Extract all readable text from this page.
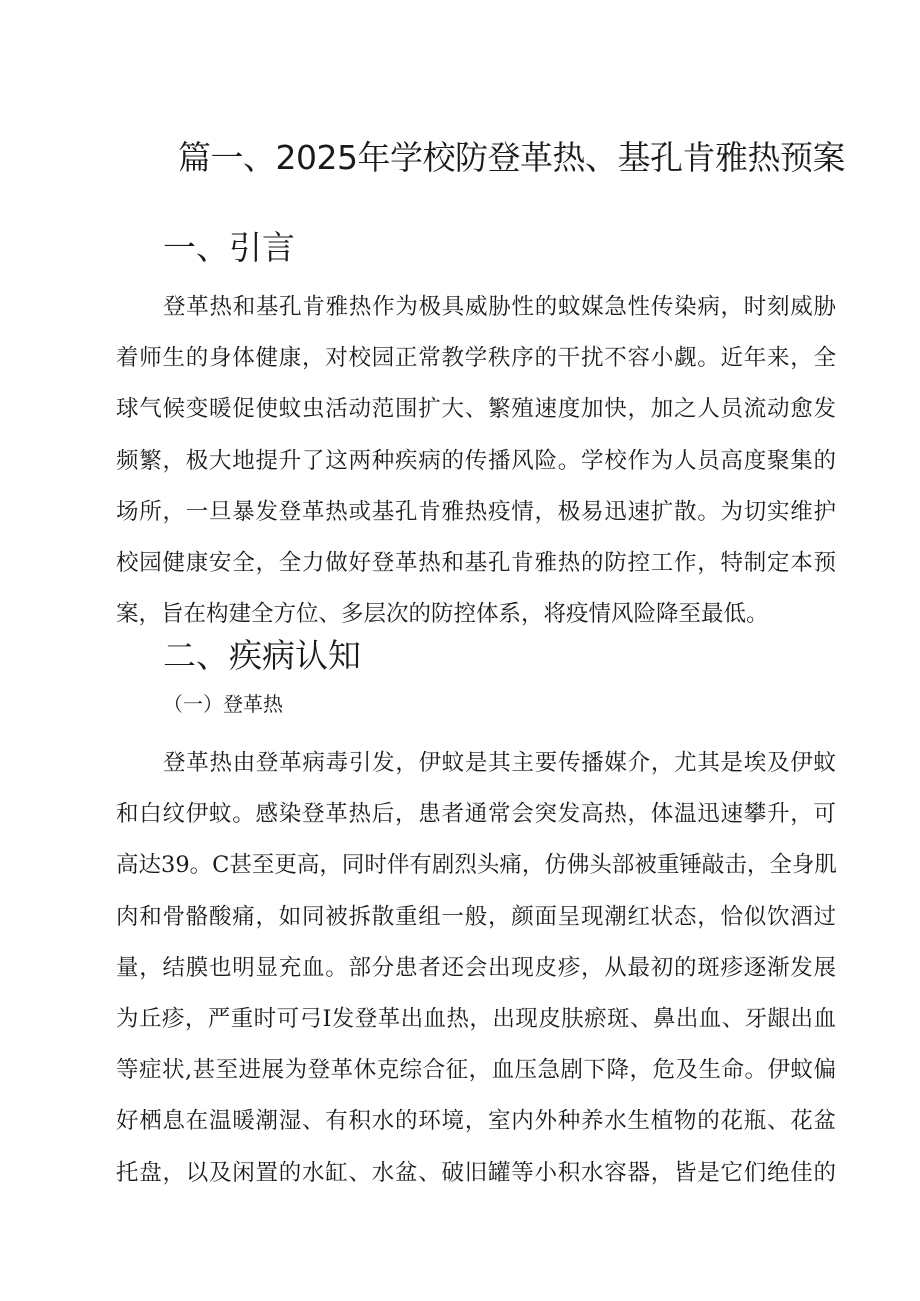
篇一、2025年学校防登革热、基孔肯雅热预案
一、引言
登革热和基孔肯雅热作为极具威胁性的蚊媒急性传染病，时刻威胁
着师生的身体健康，对校园正常教学秩序的干扰不容小觑。近年来，全
球气候变暖促使蚊虫活动范围扩大、繁殖速度加快，加之人员流动愈发
频繁，极大地提升了这两种疾病的传播风险。学校作为人员高度聚集的
场所，一旦暴发登革热或基孔肯雅热疫情，极易迅速扩散。为切实维护
校园健康安全，全力做好登革热和基孔肯雅热的防控工作，特制定本预
案，旨在构建全方位、多层次的防控体系，将疫情风险降至最低。
二、疾病认知
（一）登革热
登革热由登革病毒引发，伊蚊是其主要传播媒介，尤其是埃及伊蚊
和白纹伊蚊。感染登革热后，患者通常会突发高热，体温迅速攀升，可
高达39。C甚至更高，同时伴有剧烈头痛，仿佛头部被重锤敲击，全身肌
肉和骨骼酸痛，如同被拆散重组一般，颜面呈现潮红状态，恰似饮酒过
量，结膜也明显充血。部分患者还会出现皮疹，从最初的斑疹逐渐发展
为丘疹，严重时可弓I发登革出血热，出现皮肤瘀斑、鼻出血、牙龈出血
等症状,甚至进展为登革休克综合征，血压急剧下降，危及生命。伊蚊偏
好栖息在温暖潮湿、有积水的环境，室内外种养水生植物的花瓶、花盆
托盘，以及闲置的水缸、水盆、破旧罐等小积水容器，皆是它们绝佳的
